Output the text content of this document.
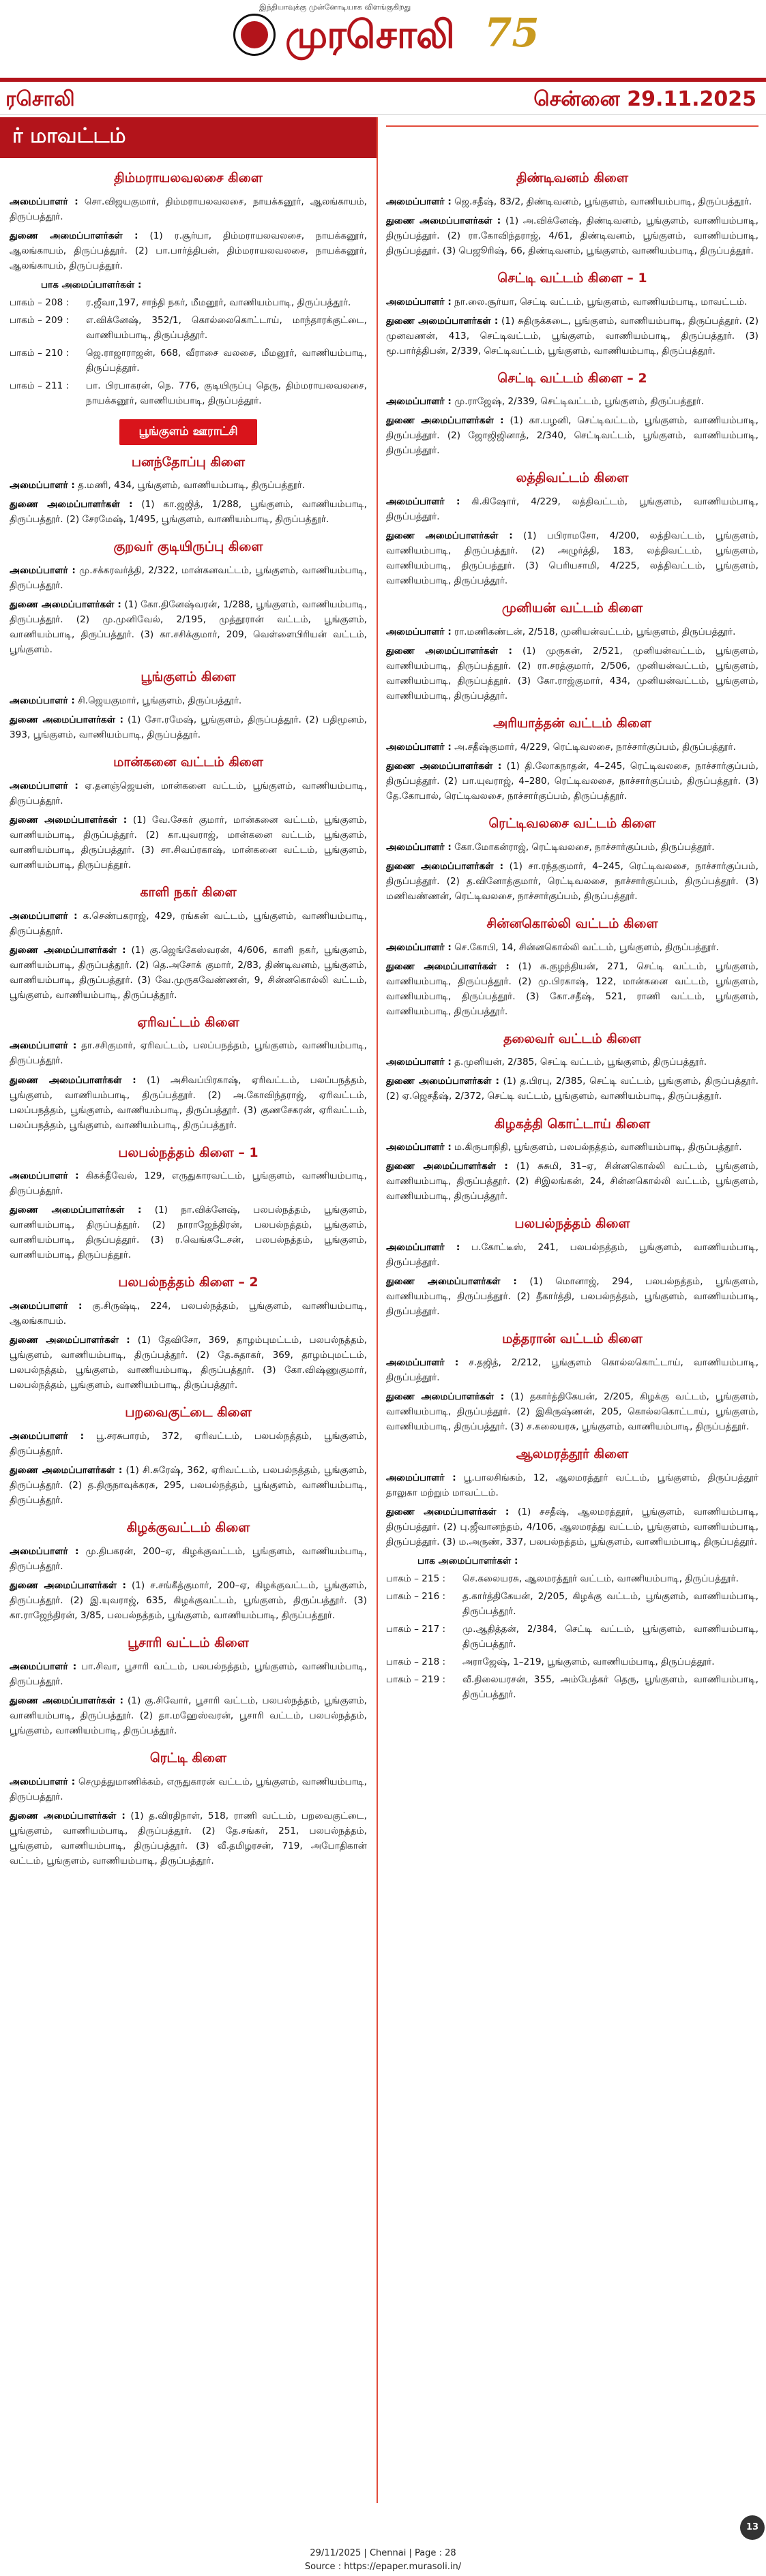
இந்தியாவுக்கு முன்னோடியாக விளங்குகிறது
முரசொலி 75
ரசொலி	சென்னை 29.11.2025
ர் மாவட்டம்
திம்மராயலவலசை கிளை
அமைப்பாளர் : சொ.விஜயகுமார், திம்மராயலவலசை, நாயக்கனூர், ஆலங்காயம், திருப்பத்தூர்.
துணை அமைப்பாளர்கள் : (1) ர.சூர்யா, திம்மராயலவலசை, நாயக்கனூர், ஆலங்காயம், திருப்பத்தூர். (2) பா.பார்த்திபன், திம்மராயலவலசை, நாயக்கனூர், ஆலங்காயம், திருப்பத்தூர்.
பாக அமைப்பாளர்கள் :
பாகம் – 208 :	ர.ஜீவா,197, சாந்தி நகர், மீமனூர், வாணியம்பாடி, திருப்பத்தூர்.
பாகம் – 209 :	எ.விக்னேஷ், 352/1, கொல்லைகொட்டாய், மாந்தாரக்குட்டை, வாணியம்பாடி, திருப்பத்தூர்.
பாகம் – 210 :	ஜெ.ராஜாராஜன், 668, வீராசை வலசை, மீமனூர், வாணியம்பாடி, திருப்பத்தூர்.
பாகம் – 211 :	பா. பிரபாகரன், நெ. 776, குடியிருப்பு தெரு, திம்மராயலவலசை, நாயக்கனூர், வாணியம்பாடி, திருப்பத்தூர்.
பூங்குளம் ஊராட்சி
பனந்தோப்பு கிளை
அமைப்பாளர் : த.மணி, 434, பூங்குளம், வாணியம்பாடி, திருப்பத்தூர்.
துணை அமைப்பாளர்கள் : (1) கா.ஜஜித், 1/288, பூங்குளம், வாணியம்பாடி, திருப்பத்தூர். (2) சேரமேஷ், 1/495, பூங்குளம், வாணியம்பாடி, திருப்பத்தூர்.
குறவர் குடியிருப்பு கிளை
அமைப்பாளர் : மு.சக்கரவர்த்தி, 2/322, மான்கனவட்டம், பூங்குளம், வாணியம்பாடி, திருப்பத்தூர்.
துணை அமைப்பாளர்கள் : (1) கோ.தினேஷ்வரன், 1/288, பூங்குளம், வாணியம்பாடி, திருப்பத்தூர். (2) மு.முனிவேல், 2/195, முத்தூரான் வட்டம், பூங்குளம், வாணியம்பாடி, திருப்பத்தூர். (3) கா.சசிக்குமார், 209, வெள்ளைபிரியன் வட்டம், பூங்குளம்.
பூங்குளம் கிளை
அமைப்பாளர் : சி.ஜெயகுமார், பூங்குளம், திருப்பத்தூர்.
துணை அமைப்பாளர்கள் : (1) சோ.ரமேஷ், பூங்குளம், திருப்பத்தூர். (2) பதிமூனம், 393, பூங்குளம், வாணியம்பாடி, திருப்பத்தூர்.
மான்கனை வட்டம் கிளை
அமைப்பாளர் : ஏ.தனஞ்ஜெயன், மான்கனை வட்டம், பூங்குளம், வாணியம்பாடி, திருப்பத்தூர்.
துணை அமைப்பாளர்கள் : (1) வே.சேகர் குமார், மான்கனை வட்டம், பூங்குளம், வாணியம்பாடி, திருப்பத்தூர். (2) கா.யுவராஜ், மான்கனை வட்டம், பூங்குளம், வாணியம்பாடி, திருப்பத்தூர். (3) சா.சிவப்ரகாஷ், மான்கனை வட்டம், பூங்குளம், வாணியம்பாடி, திருப்பத்தூர்.
காளி நகர் கிளை
அமைப்பாளர் : க.செண்பகராஜ், 429, ரங்கன் வட்டம், பூங்குளம், வாணியம்பாடி, திருப்பத்தூர்.
துணை அமைப்பாளர்கள் : (1) கு.ஜெங்கேஸ்வரன், 4/606, காளி நகர், பூங்குளம், வாணியம்பாடி, திருப்பத்தூர். (2) தெ.அசோக் குமார், 2/83, திண்டிவனம், பூங்குளம், வாணியம்பாடி, திருப்பத்தூர். (3) வே.முருகவேண்ணன், 9, சின்னகொல்லி வட்டம், பூங்குளம், வாணியம்பாடி, திருப்பத்தூர்.
ஏரிவட்டம் கிளை
அமைப்பாளர் : தா.சசிகுமார், ஏரிவட்டம், பலப்பநத்தம், பூங்குளம், வாணியம்பாடி, திருப்பத்தூர்.
துணை அமைப்பாளர்கள் : (1) அசிவப்பிரகாஷ், ஏரிவட்டம், பலப்பநத்தம், பூங்குளம், வாணியம்பாடி, திருப்பத்தூர். (2) அ.கோவிந்தராஜ், ஏரிவட்டம், பலப்பநத்தம், பூங்குளம், வாணியம்பாடி, திருப்பத்தூர். (3) குணசேகரன், ஏரிவட்டம், பலப்பநத்தம், பூங்குளம், வாணியம்பாடி, திருப்பத்தூர்.
பலபல்நத்தம் கிளை – 1
அமைப்பாளர் : கிகக்தீவேல், 129, எருதுகாரவட்டம், பூங்குளம், வாணியம்பாடி, திருப்பத்தூர்.
துணை அமைப்பாளர்கள் : (1) நா.விக்னேஷ், பலபல்நத்தம், பூங்குளம், வாணியம்பாடி, திருப்பத்தூர். (2) நாராஜேந்திரன், பலபல்நத்தம், பூங்குளம், வாணியம்பாடி, திருப்பத்தூர். (3) ர.வெங்கடேசன், பலபல்நத்தம், பூங்குளம், வாணியம்பாடி, திருப்பத்தூர்.
பலபல்நத்தம் கிளை – 2
அமைப்பாளர் : கு.சிருஷ்டி, 224, பலபல்நத்தம், பூங்குளம், வாணியம்பாடி, ஆலங்காயம்.
துணை அமைப்பாளர்கள் : (1) தேவிசோ, 369, தாழம்புமட்டம், பலபல்நத்தம், பூங்குளம், வாணியம்பாடி, திருப்பத்தூர். (2) தே.சுதாகர், 369, தாழம்புமட்டம், பலபல்நத்தம், பூங்குளம், வாணியம்பாடி, திருப்பத்தூர். (3) கோ.விஷ்ணுகுமார், பலபல்நத்தம், பூங்குளம், வாணியம்பாடி, திருப்பத்தூர்.
பறவைகுட்டை கிளை
அமைப்பாளர் : பூ.சரசுபாரம், 372, ஏரிவட்டம், பலபல்நத்தம், பூங்குளம், திருப்பத்தூர்.
துணை அமைப்பாளர்கள் : (1) சி.சுரேஷ், 362, ஏரிவட்டம், பலபல்நத்தம், பூங்குளம், திருப்பத்தூர். (2) த.திருநாவுக்கரசு, 295, பலபல்நத்தம், பூங்குளம், வாணியம்பாடி, திருப்பத்தூர்.
கிழக்குவட்டம் கிளை
அமைப்பாளர் : மு.திபகரன், 200–ஏ, கிழக்குவட்டம், பூங்குளம், வாணியம்பாடி, திருப்பத்தூர்.
துணை அமைப்பாளர்கள் : (1) ச.சங்கீத்குமார், 200–ஏ, கிழக்குவட்டம், பூங்குளம், திருப்பத்தூர். (2) இ.யுவராஜ், 635, கிழக்குவட்டம், பூங்குளம், திருப்பத்தூர். (3) கா.ராஜேந்திரன், 3/85, பலபல்நத்தம், பூங்குளம், வாணியம்பாடி, திருப்பத்தூர்.
பூசாரி வட்டம் கிளை
அமைப்பாளர் : பா.சிவா, பூசாரி வட்டம், பலபல்நத்தம், பூங்குளம், வாணியம்பாடி, திருப்பத்தூர்.
துணை அமைப்பாளர்கள் : (1) கு.சிவோர், பூசாரி வட்டம், பலபல்நத்தம், பூங்குளம், வாணியம்பாடி, திருப்பத்தூர். (2) தா.மஹேஸ்வரன், பூசாரி வட்டம், பலபல்நத்தம், பூங்குளம், வாணியம்பாடி, திருப்பத்தூர்.
ரெட்டி கிளை
அமைப்பாளர் : செமுத்துமாணிக்கம், எருதுகாரன் வட்டம், பூங்குளம், வாணியம்பாடி, திருப்பத்தூர்.
துணை அமைப்பாளர்கள் : (1) த.விரதிநாள், 518, ராணி வட்டம், பறவைகுட்டை, பூங்குளம், வாணியம்பாடி, திருப்பத்தூர். (2) தே.சங்கர், 251, பலபல்நத்தம், பூங்குளம், வாணியம்பாடி, திருப்பத்தூர். (3) வீ.தமிழரசன், 719, அபோதிகான் வட்டம், பூங்குளம், வாணியம்பாடி, திருப்பத்தூர்.
திண்டிவனம் கிளை
அமைப்பாளர் : ஜெ.சதீஷ், 83/2, திண்டிவனம், பூங்குளம், வாணியம்பாடி, திருப்பத்தூர்.
துணை அமைப்பாளர்கள் : (1) அ.விக்னேஷ், திண்டிவனம், பூங்குளம், வாணியம்பாடி, திருப்பத்தூர். (2) ரா.கோவிந்தராஜ், 4/61, திண்டிவனம், பூங்குளம், வாணியம்பாடி, திருப்பத்தூர். (3) பெஜூரிஷ், 66, திண்டிவனம், பூங்குளம், வாணியம்பாடி, திருப்பத்தூர்.
செட்டி வட்டம் கிளை – 1
அமைப்பாளர் : நா.லை.சூர்யா, செட்டி வட்டம், பூங்குளம், வாணியம்பாடி, மாவட்டம்.
துணை அமைப்பாளர்கள் : (1) சுதிருக்கடை, பூங்குளம், வாணியம்பாடி, திருப்பத்தூர். (2) முனவணன், 413, செட்டிவட்டம், பூங்குளம், வாணியம்பாடி, திருப்பத்தூர். (3) மூ.பார்த்திபன், 2/339, செட்டிவட்டம், பூங்குளம், வாணியம்பாடி, திருப்பத்தூர்.
செட்டி வட்டம் கிளை – 2
அமைப்பாளர் : மு.ராஜேஷ், 2/339, செட்டிவட்டம், பூங்குளம், திருப்பத்தூர்.
துணை அமைப்பாளர்கள் : (1) கா.பழனி, செட்டிவட்டம், பூங்குளம், வாணியம்பாடி, திருப்பத்தூர். (2) ஜோஜிஜினாத், 2/340, செட்டிவட்டம், பூங்குளம், வாணியம்பாடி, திருப்பத்தூர்.
லத்திவட்டம் கிளை
அமைப்பாளர் : கி.கிஷோர், 4/229, லத்திவட்டம், பூங்குளம், வாணியம்பாடி, திருப்பத்தூர்.
துணை அமைப்பாளர்கள் : (1) பபிராமசோ, 4/200, லத்திவட்டம், பூங்குளம், வாணியம்பாடி, திருப்பத்தூர். (2) அழுர்த்தி, 183, லத்திவட்டம், பூங்குளம், வாணியம்பாடி, திருப்பத்தூர். (3) பெரியசாமி, 4/225, லத்திவட்டம், பூங்குளம், வாணியம்பாடி, திருப்பத்தூர்.
முனியன் வட்டம் கிளை
அமைப்பாளர் : ரா.மணிகண்டன், 2/518, முனியன்வட்டம், பூங்குளம், திருப்பத்தூர்.
துணை அமைப்பாளர்கள் : (1) முருகன், 2/521, முனியன்வட்டம், பூங்குளம், வாணியம்பாடி, திருப்பத்தூர். (2) ரா.சரத்குமார், 2/506, முனியன்வட்டம், பூங்குளம், வாணியம்பாடி, திருப்பத்தூர். (3) கோ.ராஜ்குமார், 434, முனியன்வட்டம், பூங்குளம், வாணியம்பாடி, திருப்பத்தூர்.
அரியாத்தன் வட்டம் கிளை
அமைப்பாளர் : அ.சதீஷ்குமார், 4/229, ரெட்டிவலசை, நாச்சார்குப்பம், திருப்பத்தூர்.
துணை அமைப்பாளர்கள் : (1) தி.லோகநாதன், 4–245, ரெட்டிவலசை, நாச்சார்குப்பம், திருப்பத்தூர். (2) பா.யுவராஜ், 4–280, ரெட்டிவலசை, நாச்சார்குப்பம், திருப்பத்தூர். (3) தே.கோபால், ரெட்டிவலசை, நாச்சார்குப்பம், திருப்பத்தூர்.
ரெட்டிவலசை வட்டம் கிளை
அமைப்பாளர் : கோ.மோகன்ராஜ், ரெட்டிவலசை, நாச்சார்குப்பம், திருப்பத்தூர்.
துணை அமைப்பாளர்கள் : (1) சா.ரந்தகுமார், 4–245, ரெட்டிவலசை, நாச்சார்குப்பம், திருப்பத்தூர். (2) த.வினோத்குமார், ரெட்டிவலசை, நாச்சார்குப்பம், திருப்பத்தூர். (3) மணிவண்ணன், ரெட்டிவலசை, நாச்சார்குப்பம், திருப்பத்தூர்.
சின்னகொல்லி வட்டம் கிளை
அமைப்பாளர் : செ.கோபி, 14, சின்னகொல்லி வட்டம், பூங்குளம், திருப்பத்தூர்.
துணை அமைப்பாளர்கள் : (1) சு.குழந்தியன், 271, செட்டி வட்டம், பூங்குளம், வாணியம்பாடி, திருப்பத்தூர். (2) மு.பிரகாஷ், 122, மான்கனை வட்டம், பூங்குளம், வாணியம்பாடி, திருப்பத்தூர். (3) கோ.சதீஷ், 521, ராணி வட்டம், பூங்குளம், வாணியம்பாடி, திருப்பத்தூர்.
தலைவர் வட்டம் கிளை
அமைப்பாளர் : த.முனியன், 2/385, செட்டி வட்டம், பூங்குளம், திருப்பத்தூர்.
துணை அமைப்பாளர்கள் : (1) த.பிரபு, 2/385, செட்டி வட்டம், பூங்குளம், திருப்பத்தூர். (2) ஏ.ஜெசதீஷ், 2/372, செட்டி வட்டம், பூங்குளம், வாணியம்பாடி, திருப்பத்தூர்.
கிழகத்தி கொட்டாய் கிளை
அமைப்பாளர் : ம.கிருபாநிதி, பூங்குளம், பலபல்நத்தம், வாணியம்பாடி, திருப்பத்தூர்.
துணை அமைப்பாளர்கள் : (1) சுசுமி, 31–ஏ, சின்னகொல்லி வட்டம், பூங்குளம், வாணியம்பாடி, திருப்பத்தூர். (2) சிஇலங்கன், 24, சின்னகொல்லி வட்டம், பூங்குளம், வாணியம்பாடி, திருப்பத்தூர்.
பலபல்நத்தம் கிளை
அமைப்பாளர் : ப.கோட்டீஸ், 241, பலபல்நத்தம், பூங்குளம், வாணியம்பாடி, திருப்பத்தூர்.
துணை அமைப்பாளர்கள் : (1) மொனாஜ், 294, பலபல்நத்தம், பூங்குளம், வாணியம்பாடி, திருப்பத்தூர். (2) தீகார்த்தி, பலபல்நத்தம், பூங்குளம், வாணியம்பாடி, திருப்பத்தூர்.
மத்தரான் வட்டம் கிளை
அமைப்பாளர் : ச.தஜித், 2/212, பூங்குளம் கொல்லகொட்டாய், வாணியம்பாடி, திருப்பத்தூர்.
துணை அமைப்பாளர்கள் : (1) தகார்த்திகேயன், 2/205, கிழக்கு வட்டம், பூங்குளம், வாணியம்பாடி, திருப்பத்தூர். (2) இகிருஷ்ணன், 205, கொல்லகொட்டாய், பூங்குளம், வாணியம்பாடி, திருப்பத்தூர். (3) ச.கலையரசு, பூங்குளம், வாணியம்பாடி, திருப்பத்தூர்.
ஆலமரத்தூர் கிளை
அமைப்பாளர் : பூ.பாலசிங்கம், 12, ஆலமரத்தூர் வட்டம், பூங்குளம், திருப்பத்தூர் தாலுகா மற்றும் மாவட்டம்.
துணை அமைப்பாளர்கள் : (1) சசதீஷ், ஆலமரத்தூர், பூங்குளம், வாணியம்பாடி, திருப்பத்தூர். (2) பு.ஜீவானந்தம், 4/106, ஆலமரத்து வட்டம், பூங்குளம், வாணியம்பாடி, திருப்பத்தூர். (3) ம.அருண், 337, பலபல்நத்தம், பூங்குளம், வாணியம்பாடி, திருப்பத்தூர்.
பாக அமைப்பாளர்கள் :
பாகம் – 215 :	செ.கலையரசு, ஆலமரத்தூர் வட்டம், வாணியம்பாடி, திருப்பத்தூர்.
பாகம் – 216 :	த.கார்த்திகேயன், 2/205, கிழக்கு வட்டம், பூங்குளம், வாணியம்பாடி, திருப்பத்தூர்.
பாகம் – 217 :	மு.ஆதித்தன், 2/384, செட்டி வட்டம், பூங்குளம், வாணியம்பாடி, திருப்பத்தூர்.
பாகம் – 218 :	அராஜேஷ், 1–219, பூங்குளம், வாணியம்பாடி, திருப்பத்தூர்.
பாகம் – 219 :	வீ.திலையரசன், 355, அம்பேத்கர் தெரு, பூங்குளம், வாணியம்பாடி, திருப்பத்தூர்.
13
29/11/2025 | Chennai | Page : 28
Source : https://epaper.murasoli.in/
